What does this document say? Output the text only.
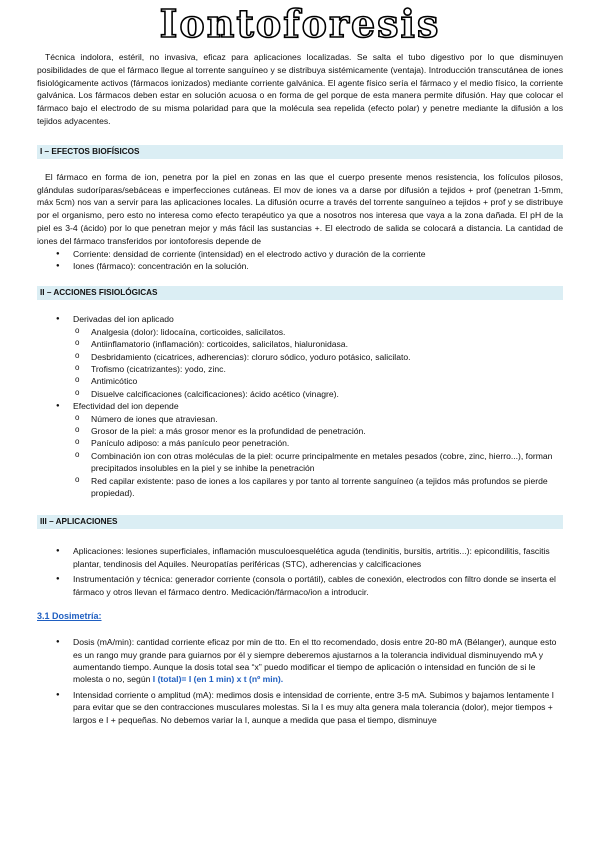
Iontoforesis

Técnica indolora, estéril, no invasiva, eficaz para aplicaciones localizadas. Se salta el tubo digestivo por lo que disminuyen posibilidades de que el fármaco llegue al torrente sanguíneo y se distribuya sistémicamente (ventaja). Introducción transcutánea de iones fisiológicamente activos (fármacos ionizados) mediante corriente galvánica. El agente físico sería el fármaco y el medio físico, la corriente galvánica. Los fármacos deben estar en solución acuosa o en forma de gel porque de esta manera permite difusión. Hay que colocar el fármaco bajo el electrodo de su misma polaridad para que la molécula sea repelida (efecto polar) y penetre mediante la difusión a los tejidos adyacentes.

I – EFECTOS BIOFÍSICOS

El fármaco en forma de ion, penetra por la piel en zonas en las que el cuerpo presente menos resistencia, los folículos pilosos, glándulas sudoríparas/sebáceas e imperfecciones cutáneas. El mov de iones va a darse por difusión a tejidos + prof (penetran 1-5mm, máx 5cm) nos van a servir para las aplicaciones locales. La difusión ocurre a través del torrente sanguíneo a tejidos + prof y se distribuye por el organismo, pero esto no interesa como efecto terapéutico ya que a nosotros nos interesa que vaya a la zona dañada. El pH de la piel es 3-4 (ácido) por lo que penetran mejor y más fácil las sustancias +. El electrodo de salida se colocará a distancia. La cantidad de iones del fármaco transferidos por iontoforesis depende de

● Corriente: densidad de corriente (intensidad) en el electrodo activo y duración de la corriente
● Iones (fármaco): concentración en la solución.

II – ACCIONES FISIOLÓGICAS

● Derivadas del ion aplicado
o Analgesia (dolor): lidocaína, corticoides, salicilatos.
o Antiinflamatorio (inflamación): corticoides, salicilatos, hialuronidasa.
o Desbridamiento (cicatrices, adherencias): cloruro sódico, yoduro potásico, salicilato.
o Trofismo (cicatrizantes): yodo, zinc.
o Antimicótico
o Disuelve calcificaciones (calcificaciones): ácido acético (vinagre).
● Efectividad del ion depende
o Número de iones que atraviesan.
o Grosor de la piel: a más grosor menor es la profundidad de penetración.
o Panículo adiposo: a más panículo peor penetración.
o Combinación ion con otras moléculas de la piel: ocurre principalmente en metales pesados (cobre, zinc, hierro...), forman precipitados insolubles en la piel y se inhibe la penetración
o Red capilar existente: paso de iones a los capilares y por tanto al torrente sanguíneo (a tejidos más profundos se pierde propiedad).

III – APLICACIONES

● Aplicaciones: lesiones superficiales, inflamación musculoesquelética aguda (tendinitis, bursitis, artritis...): epicondilitis, fascitis plantar, tendinosis del Aquiles. Neuropatías periféricas (STC), adherencias y calcificaciones
● Instrumentación y técnica: generador corriente (consola o portátil), cables de conexión, electrodos con filtro donde se inserta el fármaco y otros llevan el fármaco dentro. Medicación/fármaco/ion a introducir.

3.1 Dosimetría:

● Dosis (mA/min): cantidad corriente eficaz por min de tto. En el tto recomendado, dosis entre 20-80 mA (Bélanger), aunque esto es un rango muy grande para guiarnos por él y siempre deberemos ajustarnos a la tolerancia individual disminuyendo mA y aumentando tiempo. Aunque la dosis total sea “x” puedo modificar el tiempo de aplicación o intensidad en función de si le molesta o no, según I (total)= I (en 1 min) x t (nº min).
● Intensidad corriente o amplitud (mA): medimos dosis e intensidad de corriente, entre 3-5 mA. Subimos y bajamos lentamente I para evitar que se den contracciones musculares molestas. Si la I es muy alta genera mala tolerancia (dolor), mejor tiempos + largos e I + pequeñas. No debemos variar la I, aunque a medida que pasa el tiempo, disminuye
